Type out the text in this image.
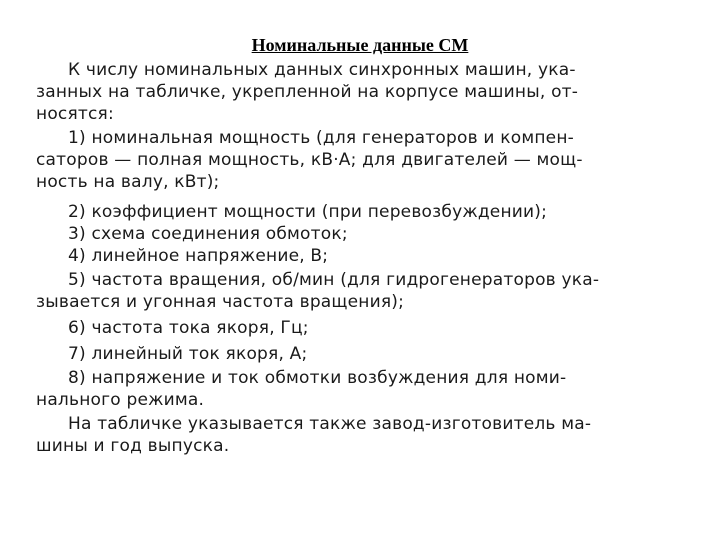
Номинальные данные СМ
К числу номинальных данных синхронных машин, ука-
занных на табличке, укрепленной на корпусе машины, от-
носятся:
1) номинальная мощность (для генераторов и компен-
саторов — полная мощность, кВ·А; для двигателей — мощ-
ность на валу, кВт);
2) коэффициент мощности (при перевозбуждении);
3) схема соединения обмоток;
4) линейное напряжение, В;
5) частота вращения, об/мин (для гидрогенераторов ука-
зывается и угонная частота вращения);
6) частота тока якоря, Гц;
7) линейный ток якоря, А;
8) напряжение и ток обмотки возбуждения для номи-
нального режима.
На табличке указывается также завод-изготовитель ма-
шины и год выпуска.
